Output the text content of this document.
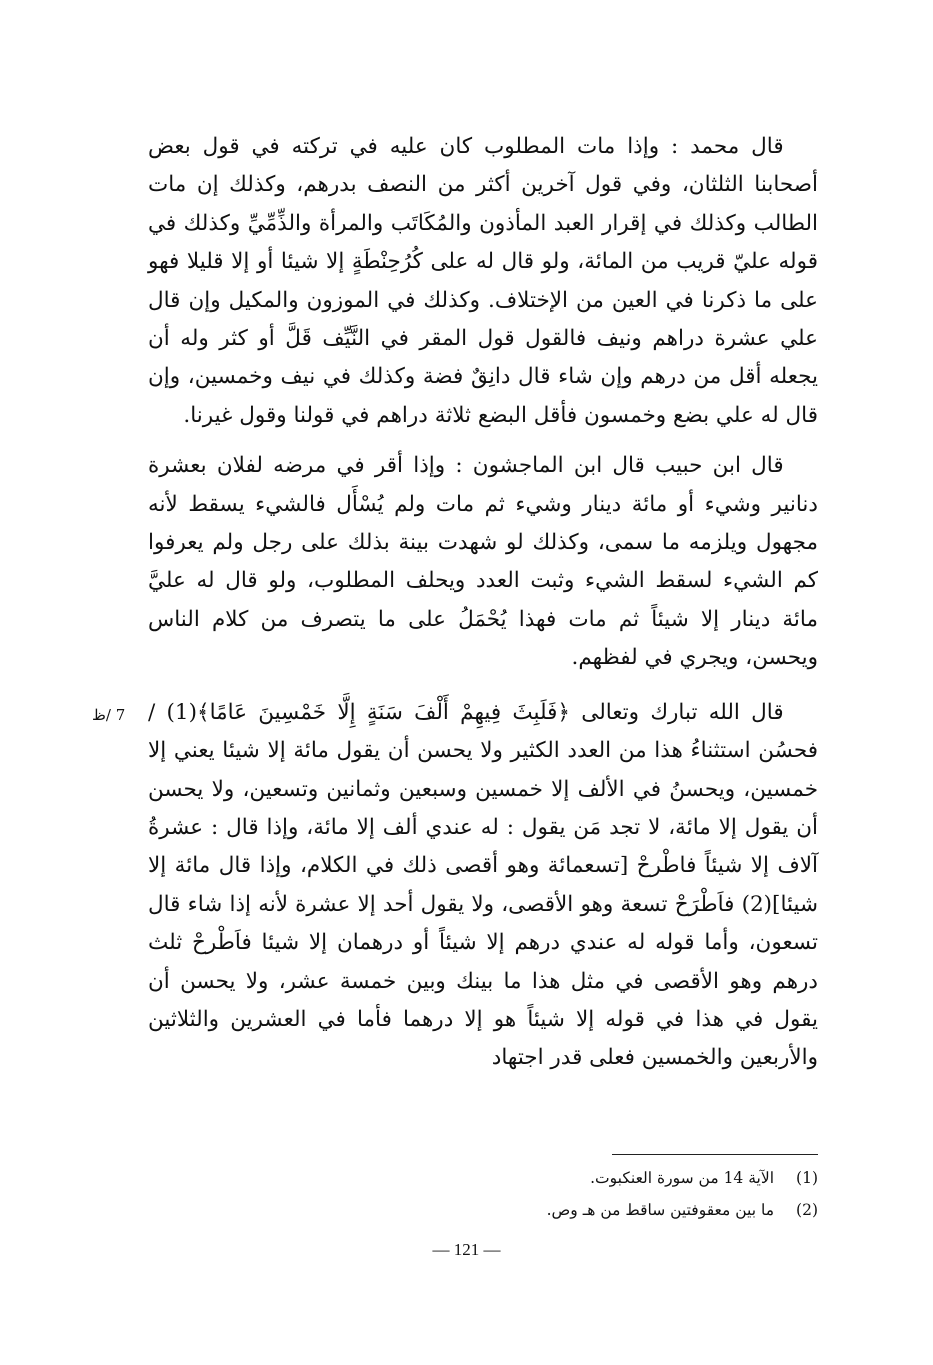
قال محمد : وإذا مات المطلوب كان عليه في تركته في قول بعض أصحابنا الثلثان، وفي قول آخرين أكثر من النصف بدرهم، وكذلك إن مات الطالب وكذلك في إقرار العبد المأذون والمُكَاتَب والمرأة والذِّمِّيِّ وكذلك في قوله عليّ قريب من المائة، ولو قال له على كُرُحِنْطَةٍ إلا شيئا أو إلا قليلا فهو على ما ذكرنا في العين من الإختلاف. وكذلك في الموزون والمكيل وإن قال علي عشرة دراهم ونيف فالقول قول المقر في النَّيِّف قَلَّ أو كثر وله أن يجعله أقل من درهم وإن شاء قال دانِقٌ فضة وكذلك في نيف وخمسين، وإن قال له علي بضع وخمسون فأقل البضع ثلاثة دراهم في قولنا وقول غيرنا.

قال ابن حبيب قال ابن الماجشون : وإذا أقر في مرضه لفلان بعشرة دنانير وشيء أو مائة دينار وشيء ثم مات ولم يُسْأَل فالشيء يسقط لأنه مجهول ويلزمه ما سمى، وكذلك لو شهدت بينة بذلك على رجل ولم يعرفوا كم الشيء لسقط الشيء وثبت العدد ويحلف المطلوب، ولو قال له عليَّ مائة دينار إلا شيئاً ثم مات فهذا يُحْمَلُ على ما يتصرف من كلام الناس ويحسن، ويجري في لفظهم.

قال الله تبارك وتعالى ﴿فَلَبِثَ فِيهِمْ أَلْفَ سَنَةٍ إِلَّا خَمْسِينَ عَامًا﴾(1) / فحسُن استثناءُ هذا من العدد الكثير ولا يحسن أن يقول مائة إلا شيئا يعني إلا خمسين، ويحسنُ في الألف إلا خمسين وسبعين وثمانين وتسعين، ولا يحسن أن يقول إلا مائة، لا تجد مَن يقول : له عندي ألف إلا مائة، وإذا قال : عشرةُ آلاف إلا شيئاً فاطْرحْ [تسعمائة وهو أقصى ذلك في الكلام، وإذا قال مائة إلا شيئا](2) فاَطْرَحْ تسعة وهو الأقصى، ولا يقول أحد إلا عشرة لأنه إذا شاء قال تسعون، وأما قوله له عندي درهم إلا شيئاً أو درهمان إلا شيئا فاَطْرحْ ثلث درهم وهو الأقصى في مثل هذا ما بينك وبين خمسة عشر، ولا يحسن أن يقول في هذا في قوله إلا شيئاً هو إلا درهما فأما في العشرين والثلاثين والأربعين والخمسين فعلى قدر اجتهاد

7 /ظ
(1)
الآية 14 من سورة العنكبوت.
(2)
ما بين معقوفتين ساقط من هـ وص.
— 121 —
